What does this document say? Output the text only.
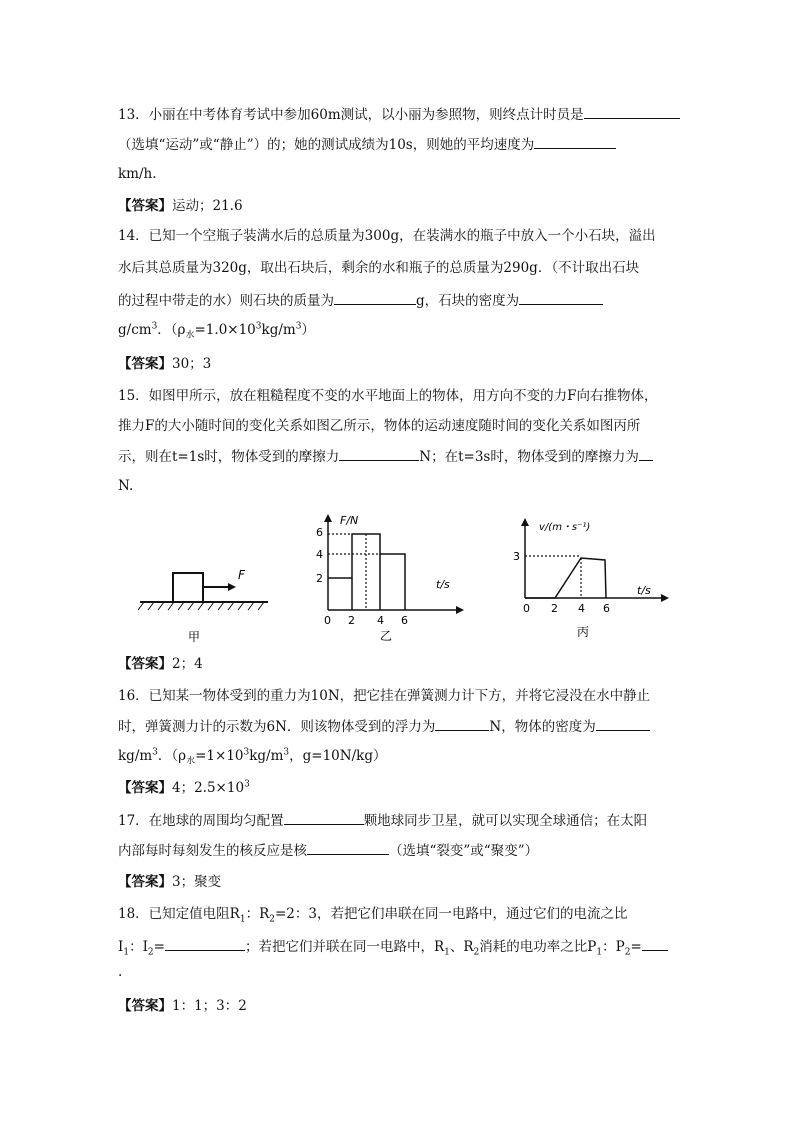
13．小丽在中考体育考试中参加60m测试，以小丽为参照物，则终点计时员是
（选填“运动”或“静止”）的；她的测试成绩为10s，则她的平均速度为
km/h.
【答案】运动；21.6
14．已知一个空瓶子装满水后的总质量为300g，在装满水的瓶子中放入一个小石块，溢出
水后其总质量为320g，取出石块后，剩余的水和瓶子的总质量为290g．（不计取出石块
的过程中带走的水）则石块的质量为	g，石块的密度为
$g/cm^3$．$(\rho_水=1.0\times 10^3kg/m^3)$
【答案】30；3
15．如图甲所示，放在粗糙程度不变的水平地面上的物体，用方向不变的力F向右推物体，
推力F的大小随时间的变化关系如图乙所示，物体的运动速度随时间的变化关系如图丙所
示，则在t=1s时，物体受到的摩擦力	N；在t=3s时，物体受到的摩擦力为
N.
F
甲
F/N
t/s
2
4
6
0 2 4 6
乙
v/(m・s⁻¹)
t/s
3
0 2 4 6
丙
【答案】2；4
16．已知某一物体受到的重力为10N，把它挂在弹簧测力计下方，并将它浸没在水中静止
时，弹簧测力计的示数为6N．则该物体受到的浮力为	N，物体的密度为
$kg/m^3$．（$\rho_水=1\times 10^3kg/m^3$，g=10N/kg）
【答案】4；$2.5\times 10^3$
17．在地球的周围均匀配置	颗地球同步卫星，就可以实现全球通信；在太阳
内部每时每刻发生的核反应是核	（选填“裂变”或“聚变”）
【答案】3；聚变
18．已知定值电阻$R_1$：$R_2=2$：3，若把它们串联在同一电路中，通过它们的电流之比
$I_1$：$I_2=$	；若把它们并联在同一电路中，$R_1$、$R_2$消耗的电功率之比$P_1$：$P_2=$
.
【答案】1：1；3：2
